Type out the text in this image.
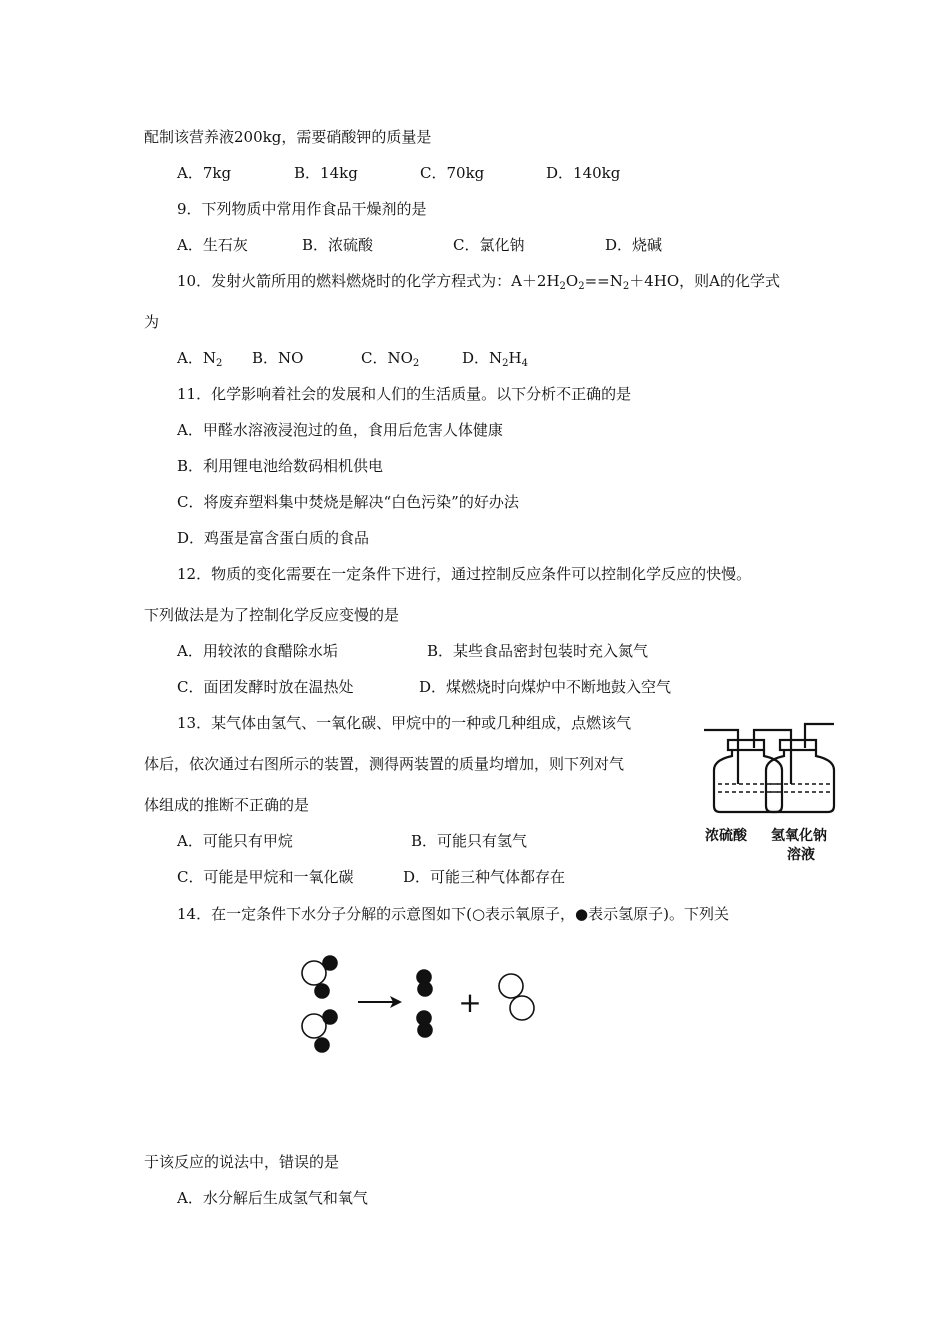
配制该营养液200kg，需要硝酸钾的质量是
A．7kg	B．14kg	C．70kg	D．140kg
9．下列物质中常用作食品干燥剂的是
A．生石灰	B．浓硫酸	C．氯化钠	D．烧碱
10．发射火箭所用的燃料燃烧时的化学方程式为：$A+2H_2O_2==N_2+4HO$，则A的化学式
为
A．$N_2$ B．NO	C．$NO_2$	D．$N_2H_4$
11．化学影响着社会的发展和人们的生活质量。以下分析不正确的是
A．甲醛水溶液浸泡过的鱼，食用后危害人体健康
B．利用锂电池给数码相机供电
C．将废弃塑料集中焚烧是解决“白色污染”的好办法
D．鸡蛋是富含蛋白质的食品
12．物质的变化需要在一定条件下进行，通过控制反应条件可以控制化学反应的快慢。
下列做法是为了控制化学反应变慢的是
A．用较浓的食醋除水垢	B．某些食品密封包装时充入氮气
C．面团发酵时放在温热处	D．煤燃烧时向煤炉中不断地鼓入空气
13．某气体由氢气、一氧化碳、甲烷中的一种或几种组成，点燃该气
体后，依次通过右图所示的装置，测得两装置的质量均增加，则下列对气
体组成的推断不正确的是
A．可能只有甲烷	B．可能只有氢气
C．可能是甲烷和一氧化碳	D．可能三种气体都存在
浓硫酸 氢氧化钠
溶液
14．在一定条件下水分子分解的示意图如下(○表示氧原子，●表示氢原子)。下列关
+
于该反应的说法中，错误的是
A．水分解后生成氢气和氧气
